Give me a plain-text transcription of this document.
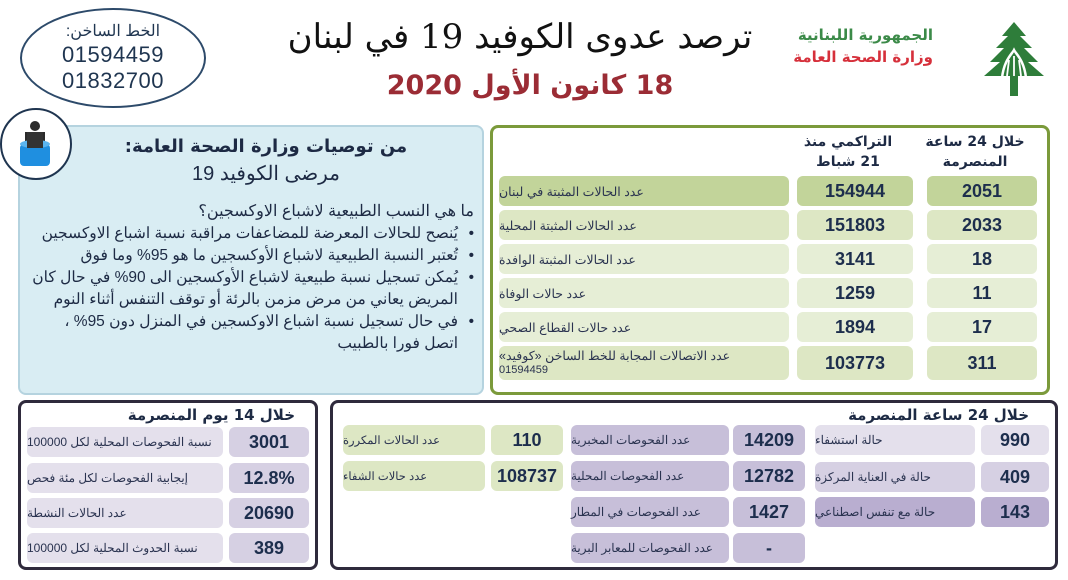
الخط الساخن:
01594459
01832700
ترصد عدوى الكوفيد 19 في لبنان
18 كانون الأول 2020
الجمهورية اللبنانية
وزارة الصحة العامة
من توصيات وزارة الصحة العامة:
مرضى الكوفيد 19
ما هي النسب الطبيعية لاشباع الاوكسجين؟
• يُنصح للحالات المعرضة للمضاعفات مراقبة نسبة اشباع الاوكسجين
• تُعتبر النسبة الطبيعية لاشباع الأوكسجين ما هو 95% وما فوق
• يُمكن تسجيل نسبة طبيعية لاشباع الأوكسجين الى 90% في حال كان المريض يعاني من مرض مزمن بالرئة أو توقف التنفس أثناء النوم
• في حال تسجيل نسبة اشباع الاوكسجين في المنزل دون 95% ، اتصل فورا بالطبيب
خلال 24 ساعة المنصرمة
التراكمي منذ 21 شباط
عدد الحالات المثبتة في لبنان	154944	2051
عدد الحالات المثبتة المحلية	151803	2033
عدد الحالات المثبتة الوافدة	3141	18
عدد حالات الوفاة	1259	11
عدد حالات القطاع الصحي	1894	17
عدد الاتصالات المجابة للخط الساخن «كوفيد»
01594459	103773	311
خلال 14 يوم المنصرمة
نسبة الفحوصات المحلية لكل 100000	3001
إيجابية الفحوصات لكل مئة فحص	12.8%
عدد الحالات النشطة	20690
نسبة الحدوث المحلية لكل 100000	389
خلال 24 ساعة المنصرمة
حالة استشفاء	990
حالة في العناية المركزة	409
حالة مع تنفس اصطناعي	143
عدد الفحوصات المخبرية	14209
عدد الفحوصات المحلية	12782
عدد الفحوصات في المطار	1427
عدد الفحوصات للمعابر البرية	-
عدد الحالات المكررة	110
عدد حالات الشفاء	108737
